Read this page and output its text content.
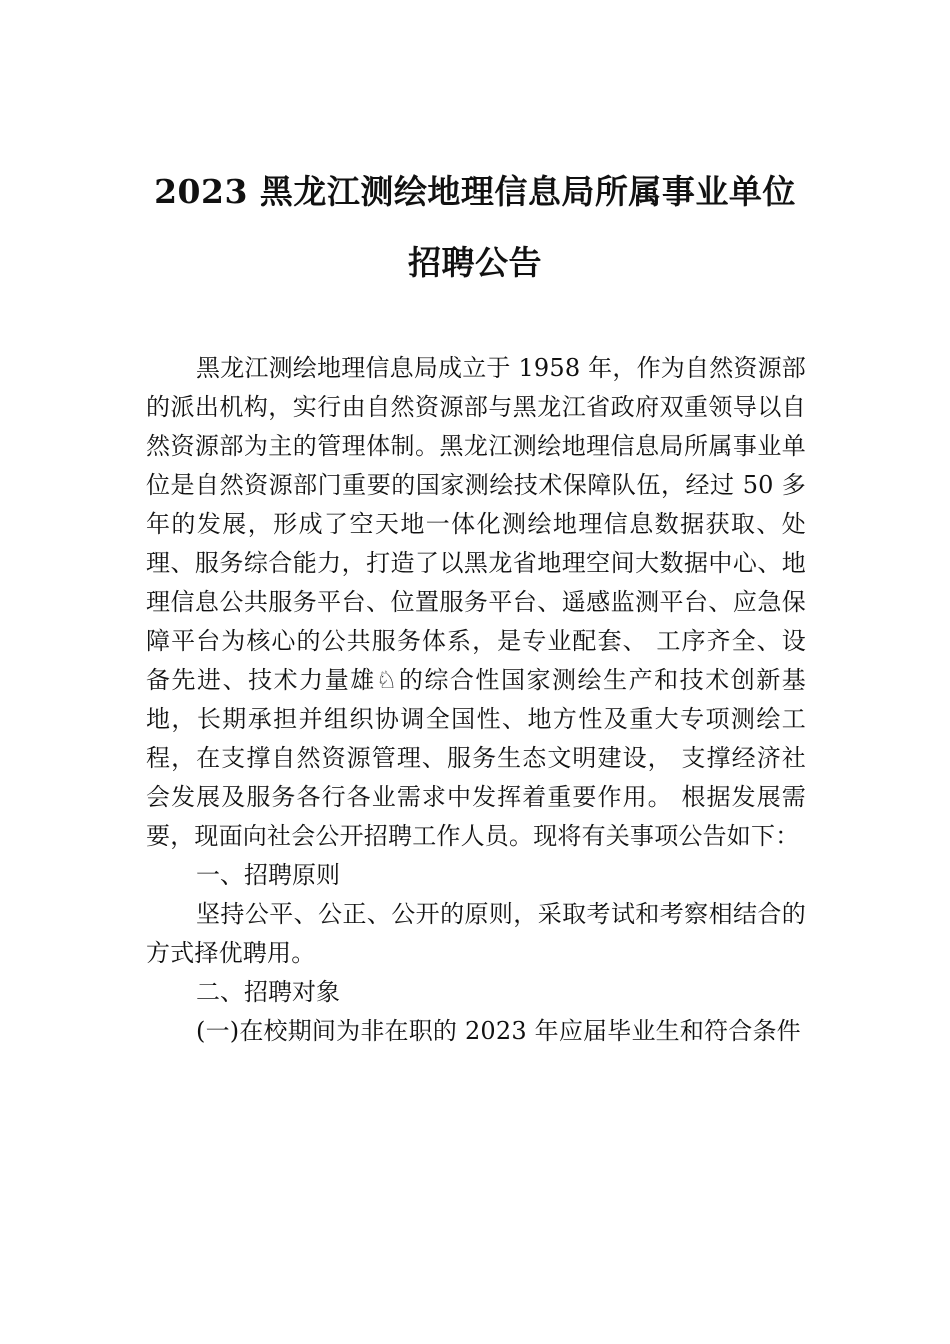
2023 黑龙江测绘地理信息局所属事业单位
招聘公告

黑龙江测绘地理信息局成立于 1958 年，作为自然资源部的派出机构，实行由自然资源部与黑龙江省政府双重领导以自然资源部为主的管理体制。黑龙江测绘地理信息局所属事业单位是自然资源部门重要的国家测绘技术保障队伍，经过 50 多年的发展，形成了空天地一体化测绘地理信息数据获取、处理、服务综合能力，打造了以黑龙省地理空间大数据中心、地理信息公共服务平台、位置服务平台、遥感监测平台、应急保障平台为核心的公共服务体系，是专业配套、 工序齐全、设备先进、技术力量雄♘的综合性国家测绘生产和技术创新基地，长期承担并组织协调全国性、地方性及重大专项测绘工程，在支撑自然资源管理、服务生态文明建设， 支撑经济社会发展及服务各行各业需求中发挥着重要作用。 根据发展需要，现面向社会公开招聘工作人员。现将有关事项公告如下：

一、招聘原则

坚持公平、公正、公开的原则，采取考试和考察相结合的方式择优聘用。

二、招聘对象

(一)在校期间为非在职的 2023 年应届毕业生和符合条件
